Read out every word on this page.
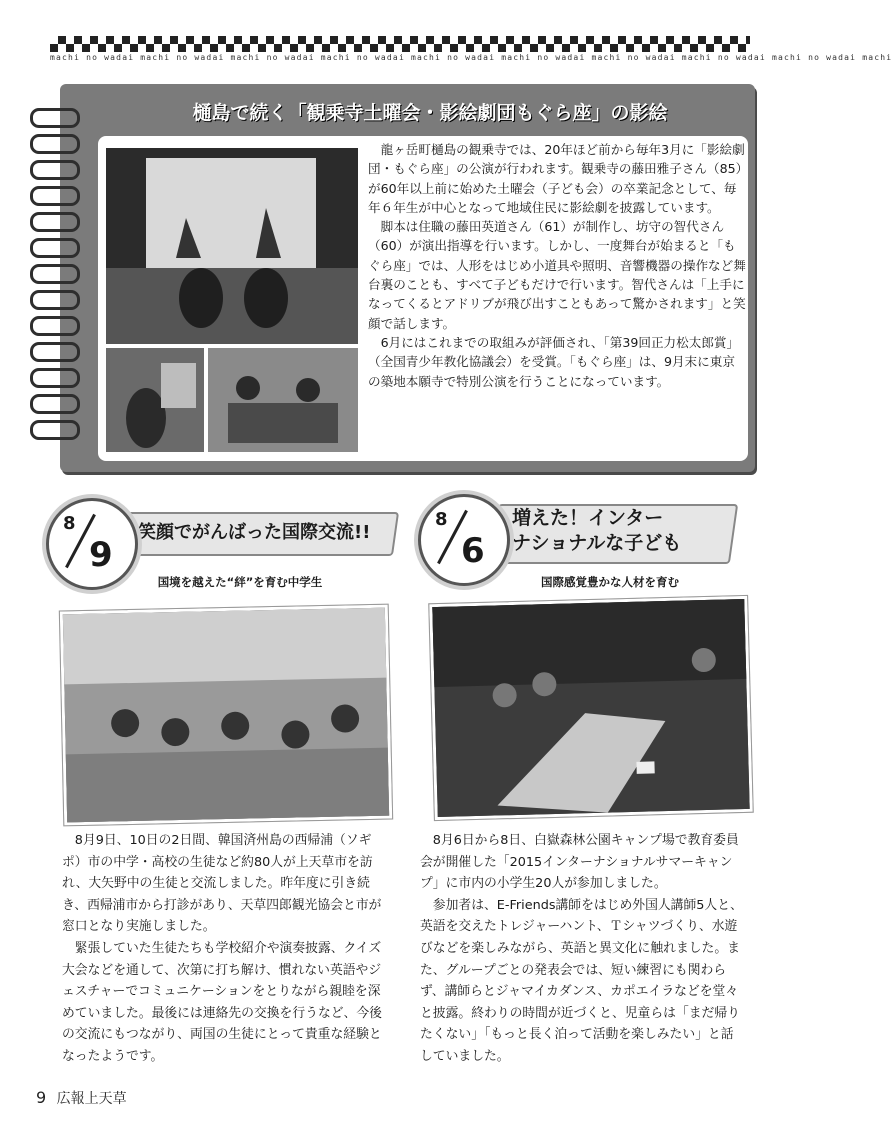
machi no wadai machi no wadai machi no wadai machi no wadai machi no wadai machi no wadai machi no wadai machi no wadai machi no wadai machi
樋島で続く「観乗寺土曜会・影絵劇団もぐら座」の影絵

龍ヶ岳町樋島の観乗寺では、20年ほど前から毎年3月に「影絵劇団・もぐら座」の公演が行われます。観乗寺の藤田雅子さん（85）が60年以上前に始めた土曜会（子ども会）の卒業記念として、毎年６年生が中心となって地域住民に影絵劇を披露しています。

脚本は住職の藤田英道さん（61）が制作し、坊守の智代さん（60）が演出指導を行います。しかし、一度舞台が始まると「もぐら座」では、人形をはじめ小道具や照明、音響機器の操作など舞台裏のことも、すべて子どもだけで行います。智代さんは「上手になってくるとアドリブが飛び出すこともあって驚かされます」と笑顔で話します。

6月にはこれまでの取組みが評価され、「第39回正力松太郎賞」（全国青少年教化協議会）を受賞。「もぐら座」は、9月末に東京の築地本願寺で特別公演を行うことになっています。

笑顔でがんばった国際交流!!
8
9
国境を越えた“絆”を育む中学生

8月9日、10日の2日間、韓国済州島の西帰浦（ソギポ）市の中学・高校の生徒など約80人が上天草市を訪れ、大矢野中の生徒と交流しました。昨年度に引き続き、西帰浦市から打診があり、天草四郎観光協会と市が窓口となり実施しました。

緊張していた生徒たちも学校紹介や演奏披露、クイズ大会などを通して、次第に打ち解け、慣れない英語やジェスチャーでコミュニケーションをとりながら親睦を深めていました。最後には連絡先の交換を行うなど、今後の交流にもつながり、両国の生徒にとって貴重な経験となったようです。

増えた！インター
ナショナルな子ども
8
6
国際感覚豊かな人材を育む

8月6日から8日、白嶽森林公園キャンプ場で教育委員会が開催した「2015インターナショナルサマーキャンプ」に市内の小学生20人が参加しました。

参加者は、E-Friends講師をはじめ外国人講師5人と、英語を交えたトレジャーハント、Ｔシャツづくり、水遊びなどを楽しみながら、英語と異文化に触れました。また、グループごとの発表会では、短い練習にも関わらず、講師らとジャマイカダンス、カポエイラなどを堂々と披露。終わりの時間が近づくと、児童らは「まだ帰りたくない」「もっと長く泊って活動を楽しみたい」と話していました。

9 広報上天草
